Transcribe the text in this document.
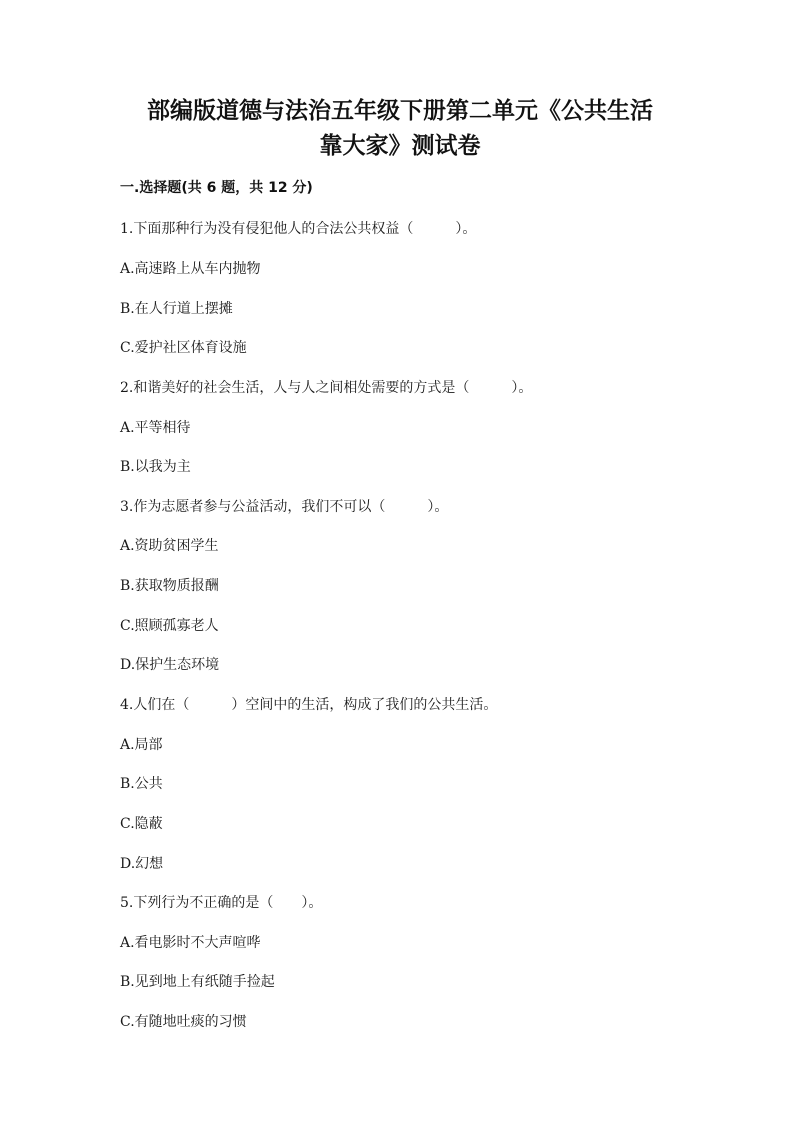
部编版道德与法治五年级下册第二单元《公共生活
靠大家》测试卷
一.选择题(共 6 题，共 12 分)
1.下面那种行为没有侵犯他人的合法公共权益（　　　）。
A.高速路上从车内抛物
B.在人行道上摆摊
C.爱护社区体育设施
2.和谐美好的社会生活，人与人之间相处需要的方式是（　　　）。
A.平等相待
B.以我为主
3.作为志愿者参与公益活动，我们不可以（　　　）。
A.资助贫困学生
B.获取物质报酬
C.照顾孤寡老人
D.保护生态环境
4.人们在（　　　）空间中的生活，构成了我们的公共生活。
A.局部
B.公共
C.隐蔽
D.幻想
5.下列行为不正确的是（　　）。
A.看电影时不大声喧哗
B.见到地上有纸随手捡起
C.有随地吐痰的习惯
